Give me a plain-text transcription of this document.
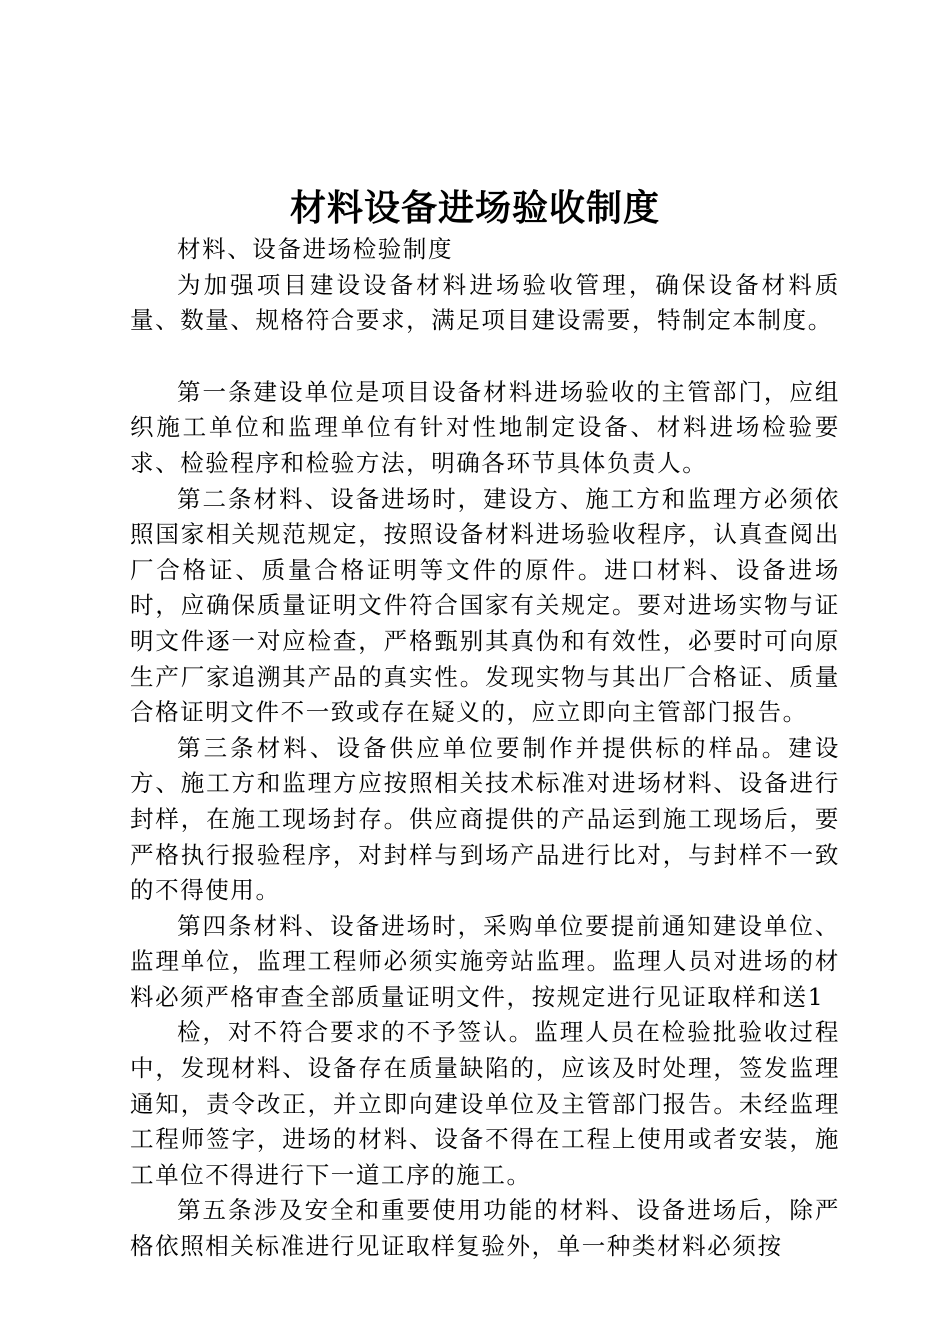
材料设备进场验收制度

材料、设备进场检验制度

为加强项目建设设备材料进场验收管理，确保设备材料质量、数量、规格符合要求，满足项目建设需要，特制定本制度。

第一条建设单位是项目设备材料进场验收的主管部门，应组织施工单位和监理单位有针对性地制定设备、材料进场检验要求、检验程序和检验方法，明确各环节具体负责人。

第二条材料、设备进场时，建设方、施工方和监理方必须依照国家相关规范规定，按照设备材料进场验收程序，认真查阅出厂合格证、质量合格证明等文件的原件。进口材料、设备进场时，应确保质量证明文件符合国家有关规定。要对进场实物与证明文件逐一对应检查，严格甄别其真伪和有效性，必要时可向原生产厂家追溯其产品的真实性。发现实物与其出厂合格证、质量合格证明文件不一致或存在疑义的，应立即向主管部门报告。

第三条材料、设备供应单位要制作并提供标的样品。建设方、施工方和监理方应按照相关技术标准对进场材料、设备进行封样，在施工现场封存。供应商提供的产品运到施工现场后，要严格执行报验程序，对封样与到场产品进行比对，与封样不一致的不得使用。

第四条材料、设备进场时，采购单位要提前通知建设单位、监理单位，监理工程师必须实施旁站监理。监理人员对进场的材料必须严格审查全部质量证明文件，按规定进行见证取样和送1

检，对不符合要求的不予签认。监理人员在检验批验收过程中，发现材料、设备存在质量缺陷的，应该及时处理，签发监理通知，责令改正，并立即向建设单位及主管部门报告。未经监理工程师签字，进场的材料、设备不得在工程上使用或者安装，施工单位不得进行下一道工序的施工。

第五条涉及安全和重要使用功能的材料、设备进场后，除严格依照相关标准进行见证取样复验外，单一种类材料必须按
